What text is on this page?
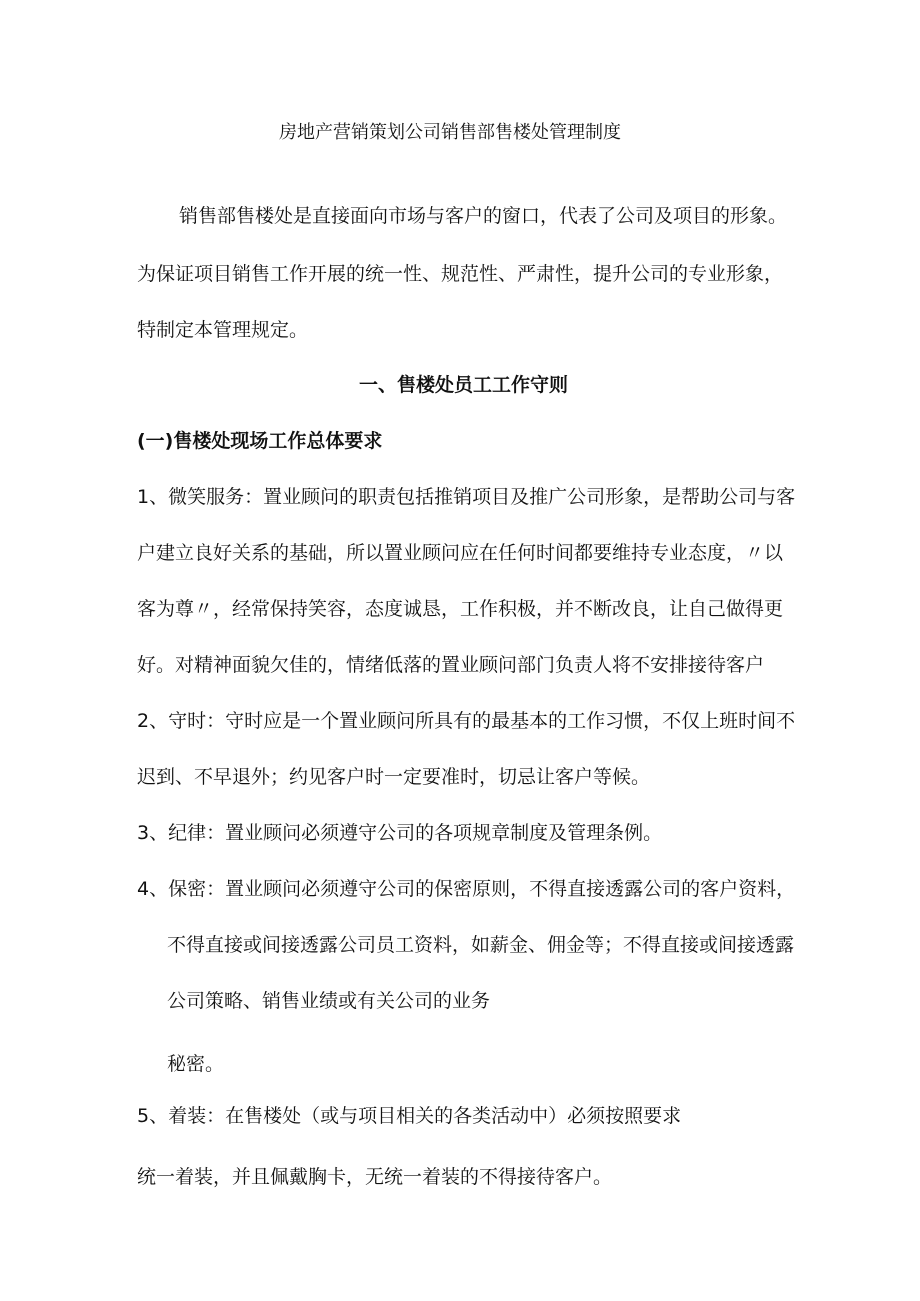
房地产营销策划公司销售部售楼处管理制度
销售部售楼处是直接面向市场与客户的窗口，代表了公司及项目的形象。
为保证项目销售工作开展的统一性、规范性、严肃性，提升公司的专业形象，
特制定本管理规定。
一、售楼处员工工作守则
(一)售楼处现场工作总体要求
1、微笑服务：置业顾问的职责包括推销项目及推广公司形象，是帮助公司与客
户建立良好关系的基础，所以置业顾问应在任何时间都要维持专业态度，〃以
客为尊〃，经常保持笑容，态度诚恳，工作积极，并不断改良，让自己做得更
好。对精神面貌欠佳的，情绪低落的置业顾问部门负责人将不安排接待客户
2、守时：守时应是一个置业顾问所具有的最基本的工作习惯，不仅上班时间不
迟到、不早退外；约见客户时一定要准时，切忌让客户等候。
3、纪律：置业顾问必须遵守公司的各项规章制度及管理条例。
4、保密：置业顾问必须遵守公司的保密原则，不得直接透露公司的客户资料，
不得直接或间接透露公司员工资料，如薪金、佣金等；不得直接或间接透露
公司策略、销售业绩或有关公司的业务
秘密。
5、着装：在售楼处（或与项目相关的各类活动中）必须按照要求
统一着装，并且佩戴胸卡，无统一着装的不得接待客户。
